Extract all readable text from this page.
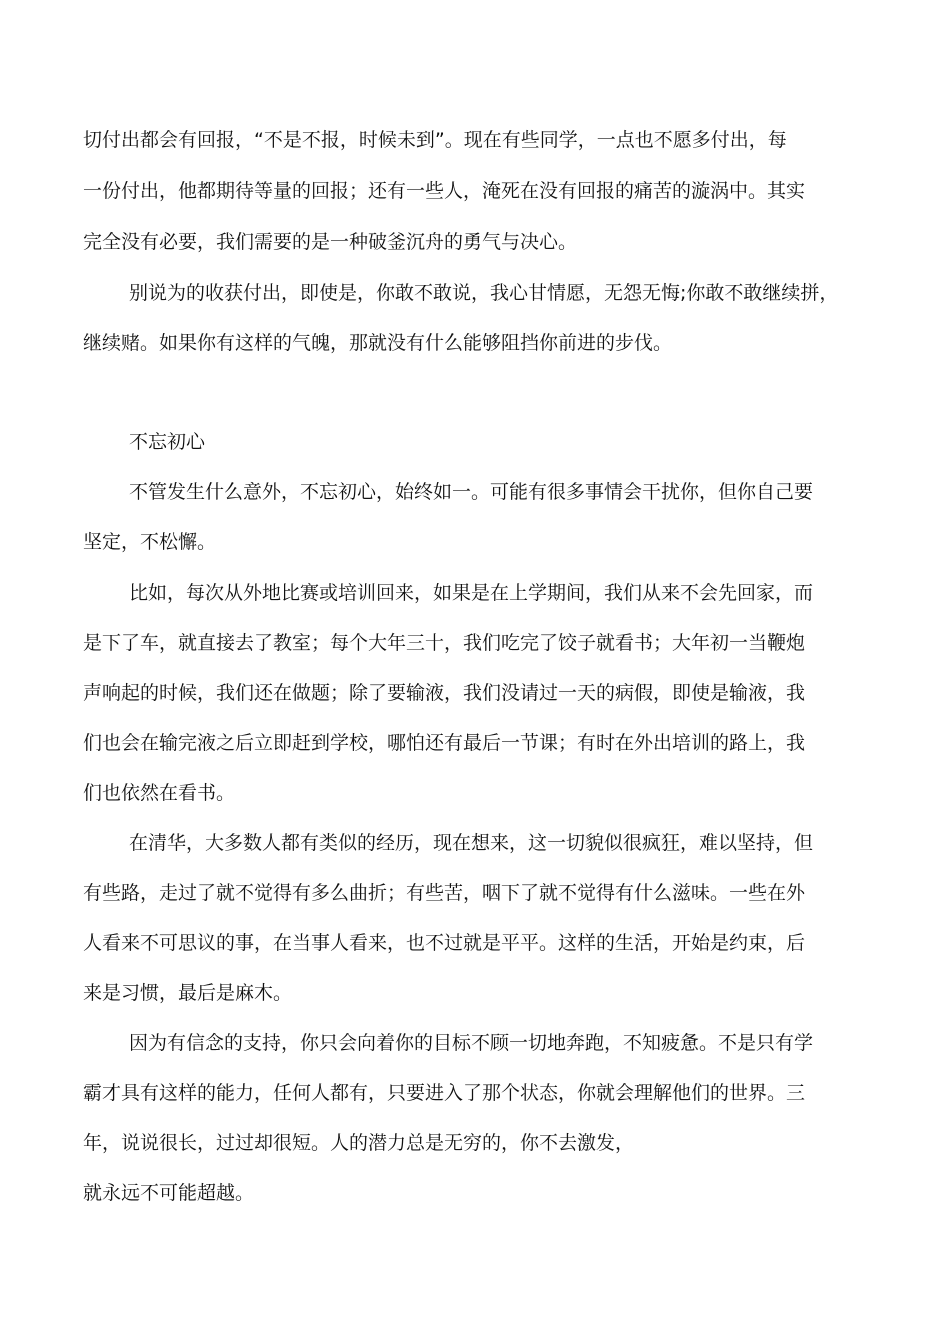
切付出都会有回报，“不是不报，时候未到”。现在有些同学，一点也不愿多付出，每
一份付出，他都期待等量的回报；还有一些人，淹死在没有回报的痛苦的漩涡中。其实
完全没有必要，我们需要的是一种破釜沉舟的勇气与决心。
别说为的收获付出，即使是，你敢不敢说，我心甘情愿，无怨无悔;你敢不敢继续拼，
继续赌。如果你有这样的气魄，那就没有什么能够阻挡你前进的步伐。
不忘初心
不管发生什么意外，不忘初心，始终如一。可能有很多事情会干扰你，但你自己要
坚定，不松懈。
比如，每次从外地比赛或培训回来，如果是在上学期间，我们从来不会先回家，而
是下了车，就直接去了教室；每个大年三十，我们吃完了饺子就看书；大年初一当鞭炮
声响起的时候，我们还在做题；除了要输液，我们没请过一天的病假，即使是输液，我
们也会在输完液之后立即赶到学校，哪怕还有最后一节课；有时在外出培训的路上，我
们也依然在看书。
在清华，大多数人都有类似的经历，现在想来，这一切貌似很疯狂，难以坚持，但
有些路，走过了就不觉得有多么曲折；有些苦，咽下了就不觉得有什么滋味。一些在外
人看来不可思议的事，在当事人看来，也不过就是平平。这样的生活，开始是约束，后
来是习惯，最后是麻木。
因为有信念的支持，你只会向着你的目标不顾一切地奔跑，不知疲惫。不是只有学
霸才具有这样的能力，任何人都有，只要进入了那个状态，你就会理解他们的世界。三
年，说说很长，过过却很短。人的潜力总是无穷的，你不去激发，
就永远不可能超越。
